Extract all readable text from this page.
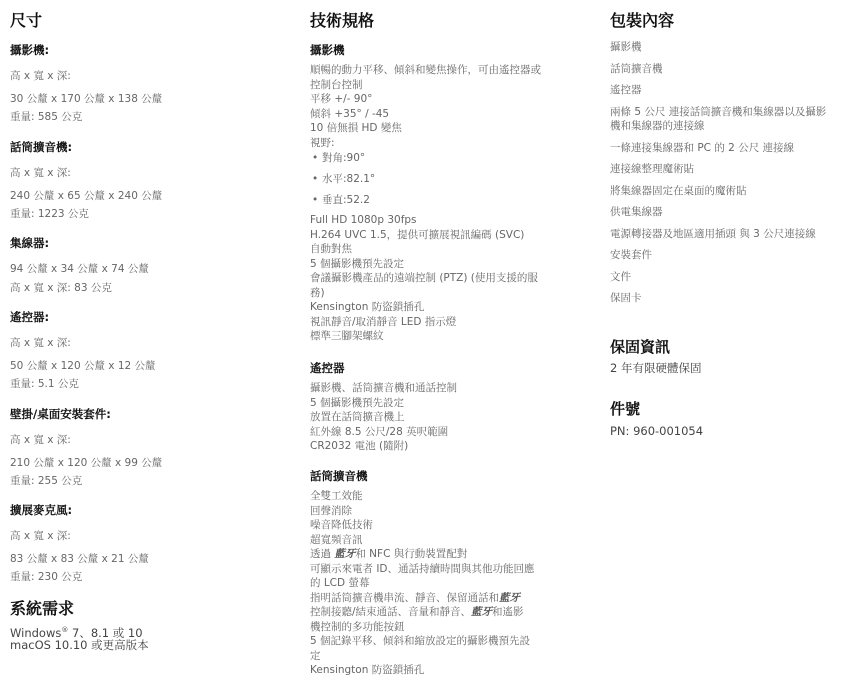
尺寸
攝影機:
高 x 寬 x 深:
30 公釐 x 170 公釐 x 138 公釐
重量: 585 公克
話筒擴音機:
高 x 寬 x 深:
240 公釐 x 65 公釐 x 240 公釐
重量: 1223 公克
集線器:
94 公釐 x 34 公釐 x 74 公釐
高 x 寬 x 深: 83 公克
遙控器:
高 x 寬 x 深:
50 公釐 x 120 公釐 x 12 公釐
重量: 5.1 公克
壁掛/桌面安裝套件:
高 x 寬 x 深:
210 公釐 x 120 公釐 x 99 公釐
重量: 255 公克
擴展麥克風:
高 x 寬 x 深:
83 公釐 x 83 公釐 x 21 公釐
重量: 230 公克
系統需求
Windows® 7、8.1 或 10
macOS 10.10 或更高版本
技術規格
攝影機
順暢的動力平移、傾斜和變焦操作，可由遙控器或
控制台控制
平移 +/- 90°
傾斜 +35° / -45
10 倍無損 HD 變焦
視野:
• 對角:90°
• 水平:82.1°
• 垂直:52.2
Full HD 1080p 30fps
H.264 UVC 1.5，提供可擴展視訊編碼 (SVC)
自動對焦
5 個攝影機預先設定
會議攝影機產品的遠端控制 (PTZ) (使用支援的服
務)
Kensington 防盜鎖插孔
視訊靜音/取消靜音 LED 指示燈
標準三腳架螺紋
遙控器
攝影機、話筒擴音機和通話控制
5 個攝影機預先設定
放置在話筒擴音機上
紅外線 8.5 公尺/28 英呎範圍
CR2032 電池 (隨附)
話筒擴音機
全雙工效能
回聲消除
噪音降低技術
超寬頻音訊
透過 藍牙和 NFC 與行動裝置配對
可顯示來電者 ID、通話持續時間與其他功能回應
的 LCD 螢幕
指明話筒擴音機串流、靜音、保留通話和藍牙
控制接聽/結束通話、音量和靜音、藍牙和遙影
機控制的多功能按鈕
5 個記錄平移、傾斜和縮放設定的攝影機預先設
定
Kensington 防盜鎖插孔
包裝內容
攝影機
話筒擴音機
遙控器
兩條 5 公尺 連接話筒擴音機和集線器以及攝影
機和集線器的連接線
一條連接集線器和 PC 的 2 公尺 連接線
連接線整理魔術貼
將集線器固定在桌面的魔術貼
供電集線器
電源轉接器及地區適用插頭 與 3 公尺連接線
安裝套件
文件
保固卡
保固資訊
2 年有限硬體保固
件號
PN: 960-001054
